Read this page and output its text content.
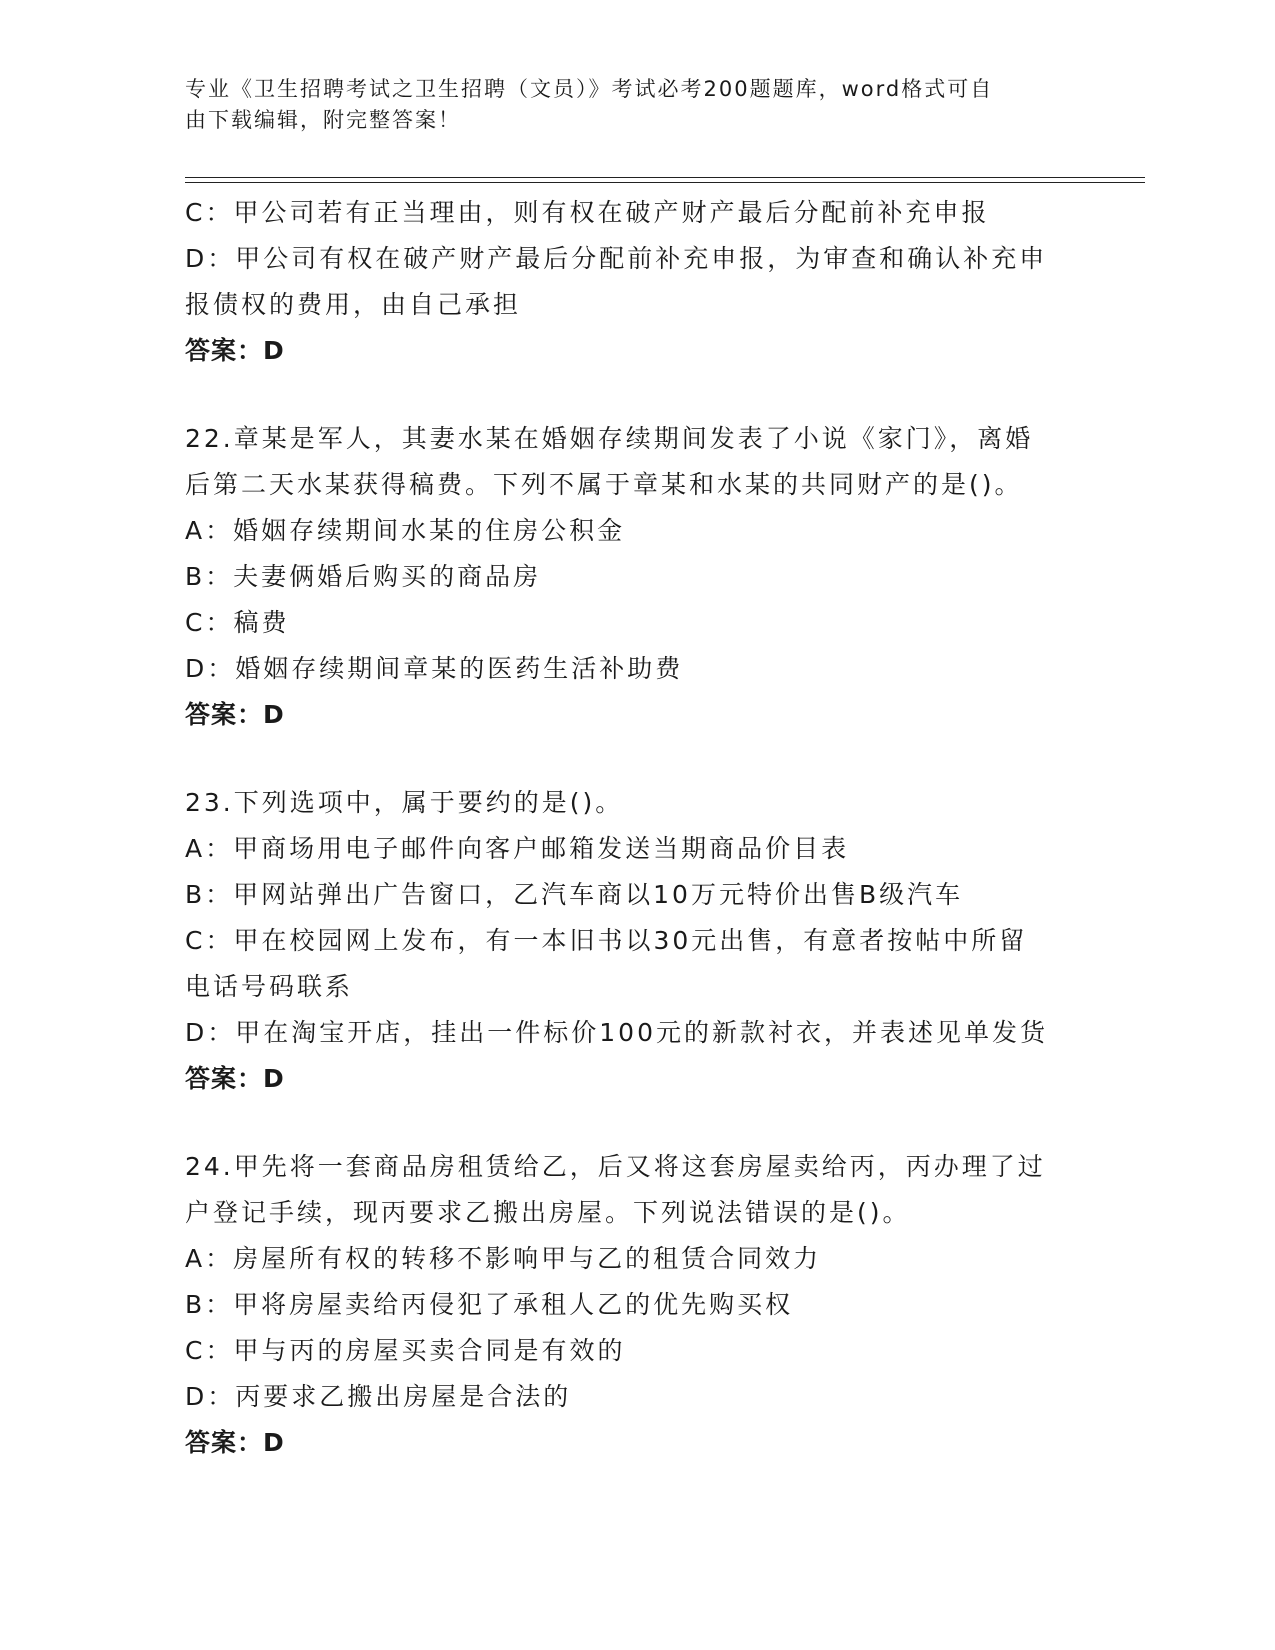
专业《卫生招聘考试之卫生招聘（文员）》考试必考200题题库，word格式可自
由下载编辑，附完整答案！
C：甲公司若有正当理由，则有权在破产财产最后分配前补充申报
D：甲公司有权在破产财产最后分配前补充申报，为审查和确认补充申
报债权的费用，由自己承担
答案：D
22.章某是军人，其妻水某在婚姻存续期间发表了小说《家门》，离婚
后第二天水某获得稿费。下列不属于章某和水某的共同财产的是()。
A：婚姻存续期间水某的住房公积金
B：夫妻俩婚后购买的商品房
C：稿费
D：婚姻存续期间章某的医药生活补助费
答案：D
23.下列选项中，属于要约的是()。
A：甲商场用电子邮件向客户邮箱发送当期商品价目表
B：甲网站弹出广告窗口，乙汽车商以10万元特价出售B级汽车
C：甲在校园网上发布，有一本旧书以30元出售，有意者按帖中所留
电话号码联系
D：甲在淘宝开店，挂出一件标价100元的新款衬衣，并表述见单发货
答案：D
24.甲先将一套商品房租赁给乙，后又将这套房屋卖给丙，丙办理了过
户登记手续，现丙要求乙搬出房屋。下列说法错误的是()。
A：房屋所有权的转移不影响甲与乙的租赁合同效力
B：甲将房屋卖给丙侵犯了承租人乙的优先购买权
C：甲与丙的房屋买卖合同是有效的
D：丙要求乙搬出房屋是合法的
答案：D
